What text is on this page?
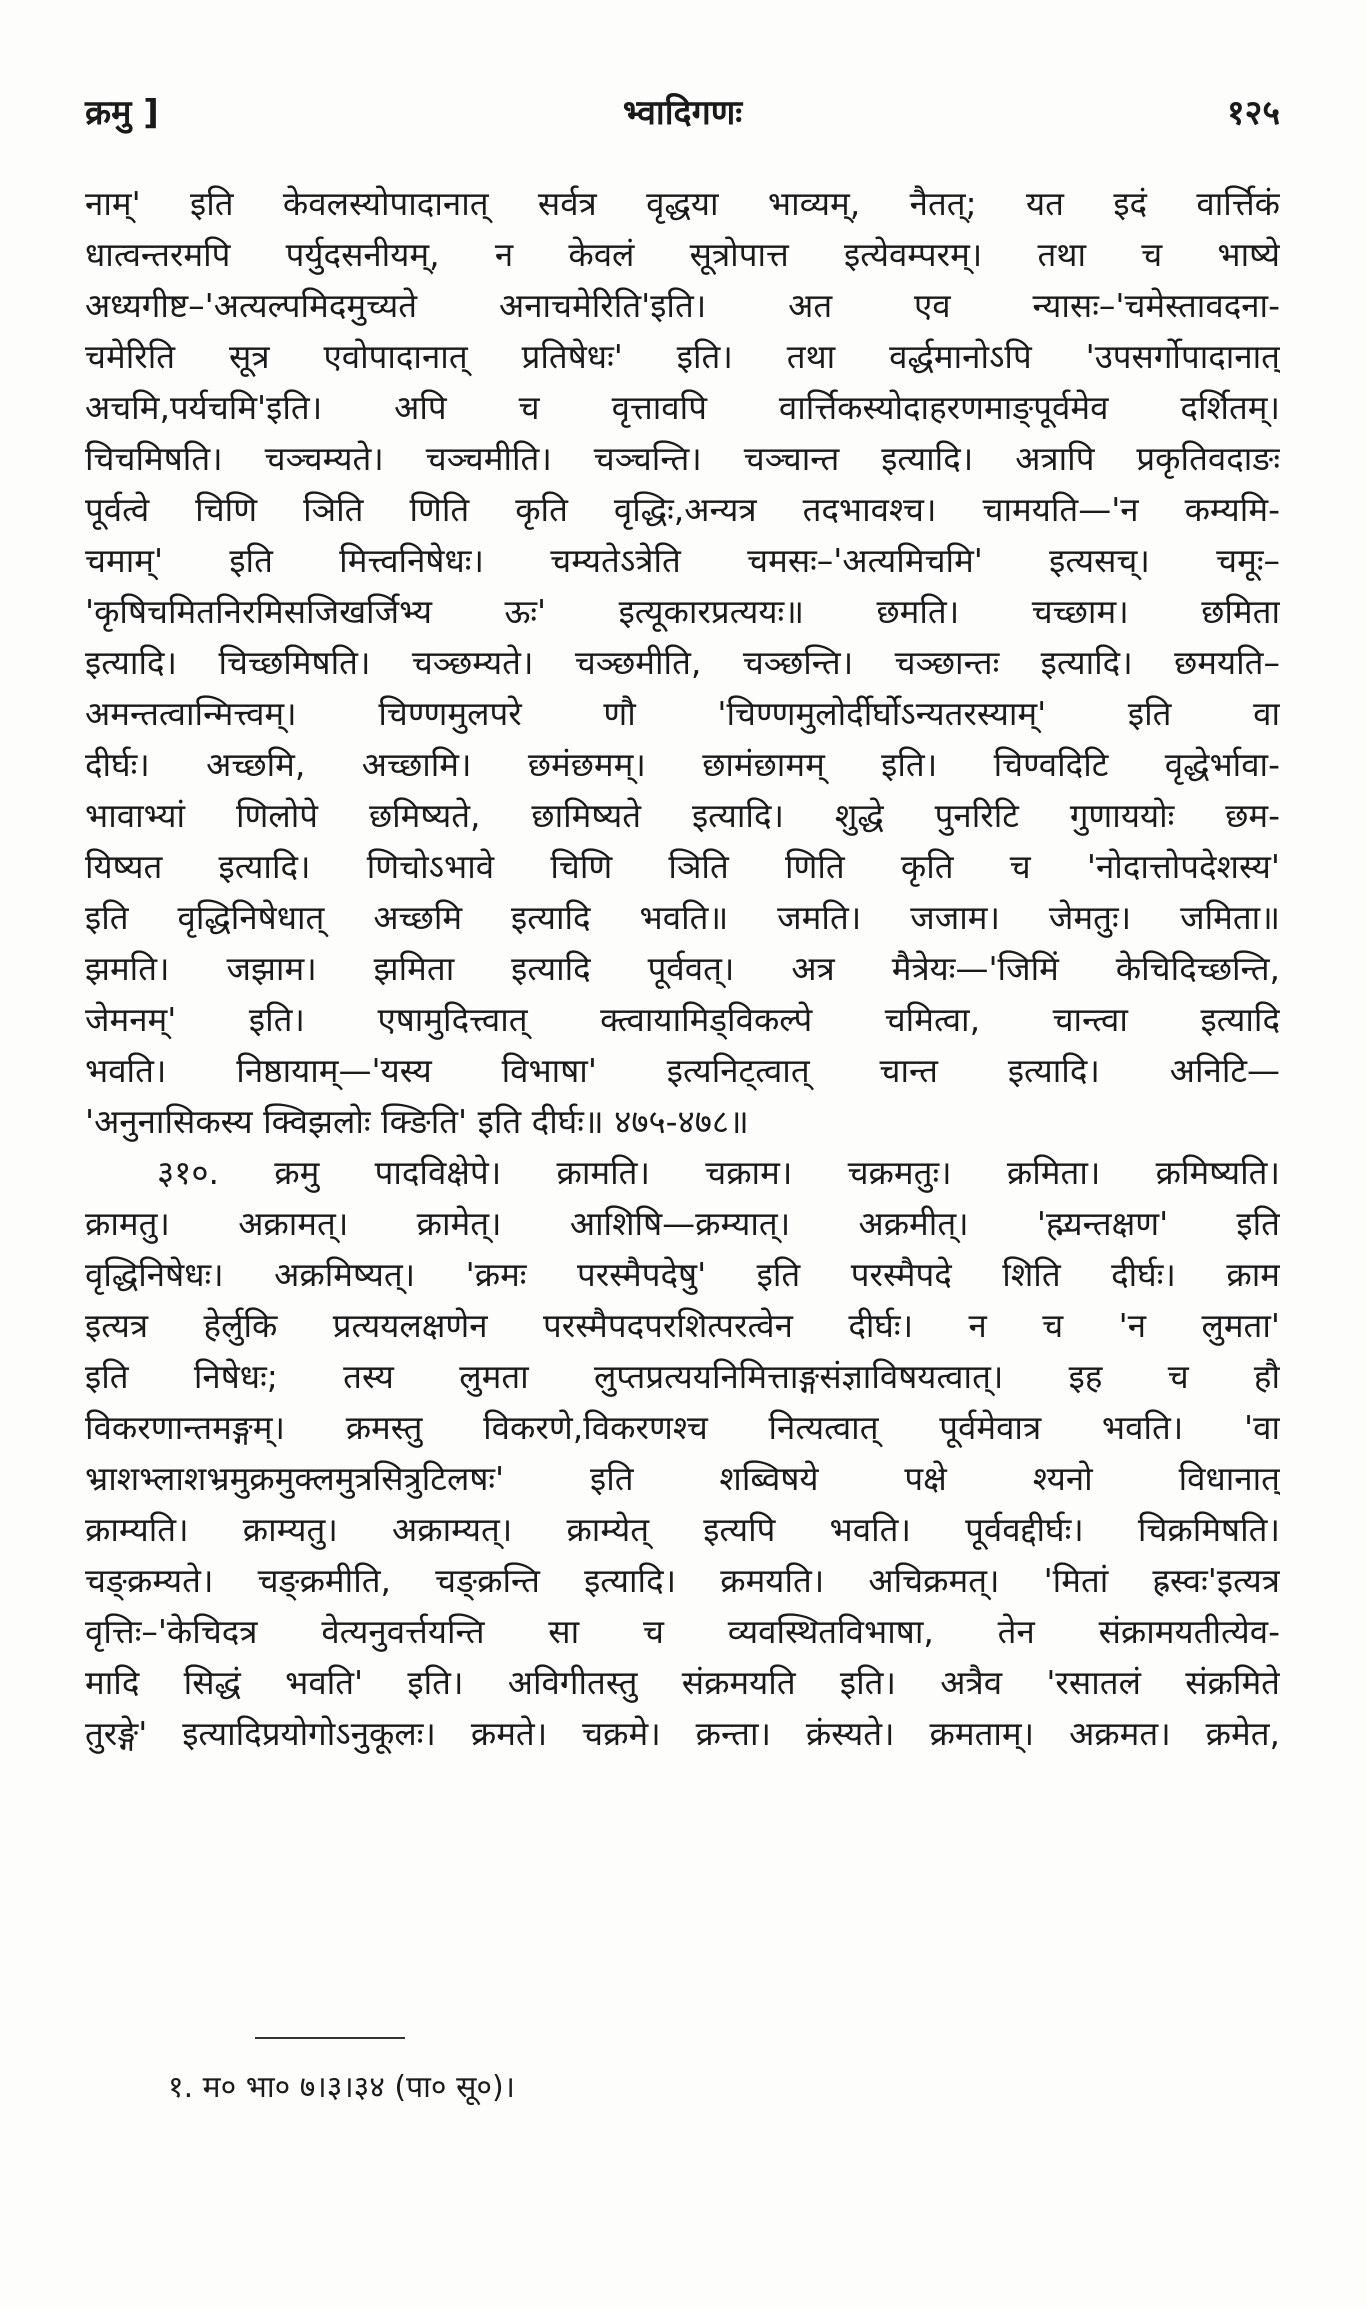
क्रमु ]	भ्वादिगणः	१२५
नाम्' इति केवलस्योपादानात् सर्वत्र वृद्धया भाव्यम्, नैतत्; यत इदं वार्त्तिकं
धात्वन्तरमपि पर्युदसनीयम्, न केवलं सूत्रोपात्त इत्येवम्परम्। तथा च भाष्ये
अध्यगीष्ट–'अत्यल्पमिदमुच्यते अनाचमेरिति'इति। अत एव न्यासः–'चमेस्तावदना-
चमेरिति सूत्र एवोपादानात् प्रतिषेधः' इति। तथा वर्द्धमानोऽपि 'उपसर्गोपादानात्
अचमि,पर्यचमि'इति। अपि च वृत्तावपि वार्त्तिकस्योदाहरणमाङ्पूर्वमेव दर्शितम्।
चिचमिषति। चञ्चम्यते। चञ्चमीति। चञ्चन्ति। चञ्चान्त इत्यादि। अत्रापि प्रकृतिवदाङः
पूर्वत्वे चिणि ञिति णिति कृति वृद्धिः,अन्यत्र तदभावश्च। चामयति—'न कम्यमि-
चमाम्' इति मित्त्वनिषेधः। चम्यतेऽत्रेति चमसः–'अत्यमिचमि' इत्यसच्। चमूः–
'कृषिचमितनिरमिसजिखर्जिभ्य ऊः' इत्यूकारप्रत्ययः॥ छमति। चच्छाम। छमिता
इत्यादि। चिच्छमिषति। चञ्छम्यते। चञ्छमीति, चञ्छन्ति। चञ्छान्तः इत्यादि। छमयति–
अमन्तत्वान्मित्त्वम्। चिण्णमुलपरे णौ 'चिण्णमुलोर्दीर्घोऽन्यतरस्याम्' इति वा
दीर्घः। अच्छमि, अच्छामि। छमंछमम्। छामंछामम् इति। चिण्वदिटि वृद्धेर्भावा-
भावाभ्यां णिलोपे छमिष्यते, छामिष्यते इत्यादि। शुद्धे पुनरिटि गुणाययोः छम-
यिष्यत इत्यादि। णिचोऽभावे चिणि ञिति णिति कृति च 'नोदात्तोपदेशस्य'
इति वृद्धिनिषेधात् अच्छमि इत्यादि भवति॥ जमति। जजाम। जेमतुः। जमिता॥
झमति। जझाम। झमिता इत्यादि पूर्ववत्। अत्र मैत्रेयः—'जिमिं केचिदिच्छन्ति,
जेमनम्' इति। एषामुदित्त्वात् क्त्वायामिड्विकल्पे चमित्वा, चान्त्वा इत्यादि
भवति। निष्ठायाम्—'यस्य विभाषा' इत्यनिट्त्वात् चान्त इत्यादि। अनिटि—
'अनुनासिकस्य क्विझलोः क्ङिति' इति दीर्घः॥ ४७५-४७८॥
३१०. क्रमु पादविक्षेपे। क्रामति। चक्राम। चक्रमतुः। क्रमिता। क्रमिष्यति।
क्रामतु। अक्रामत्। क्रामेत्। आशिषि—क्रम्यात्। अक्रमीत्। 'ह्म्यन्तक्षण' इति
वृद्धिनिषेधः। अक्रमिष्यत्। 'क्रमः परस्मैपदेषु' इति परस्मैपदे शिति दीर्घः। क्राम
इत्यत्र हेर्लुकि प्रत्ययलक्षणेन परस्मैपदपरशित्परत्वेन दीर्घः। न च 'न लुमता'
इति निषेधः; तस्य लुमता लुप्तप्रत्ययनिमित्ताङ्गसंज्ञाविषयत्वात्। इह च हौ
विकरणान्तमङ्गम्। क्रमस्तु विकरणे,विकरणश्च नित्यत्वात् पूर्वमेवात्र भवति। 'वा
भ्राशभ्लाशभ्रमुक्रमुक्लमुत्रसित्रुटिलषः' इति शब्विषये पक्षे श्यनो विधानात्
क्राम्यति। क्राम्यतु। अक्राम्यत्। क्राम्येत् इत्यपि भवति। पूर्ववद्दीर्घः। चिक्रमिषति।
चङ्क्रम्यते। चङ्क्रमीति, चङ्क्रन्ति इत्यादि। क्रमयति। अचिक्रमत्। 'मितां ह्रस्वः'इत्यत्र
वृत्तिः–'केचिदत्र वेत्यनुवर्त्तयन्ति सा च व्यवस्थितविभाषा, तेन संक्रामयतीत्येव-
मादि सिद्धं भवति' इति। अविगीतस्तु संक्रमयति इति। अत्रैव 'रसातलं संक्रमिते
तुरङ्गे' इत्यादिप्रयोगोऽनुकूलः। क्रमते। चक्रमे। क्रन्ता। क्रंस्यते। क्रमताम्। अक्रमत। क्रमेत,
१. म० भा० ७।३।३४ (पा० सू०)।
